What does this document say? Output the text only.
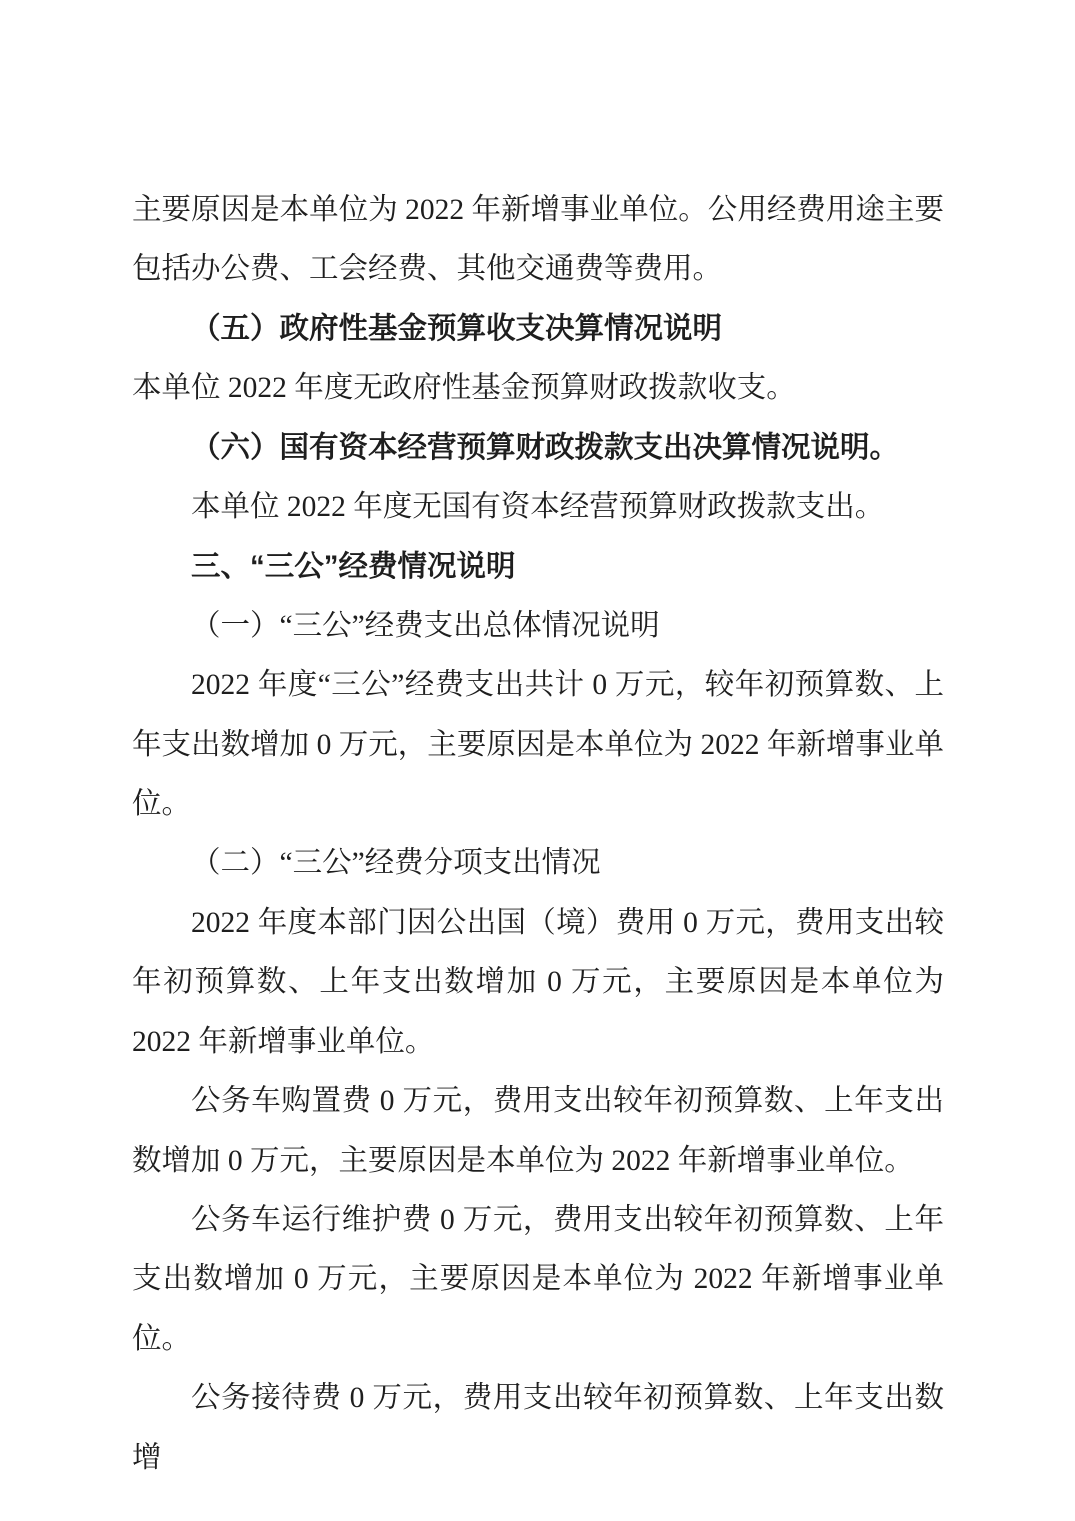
主要原因是本单位为 2022 年新增事业单位。公用经费用途主要包括办公费、工会经费、其他交通费等费用。

（五）政府性基金预算收支决算情况说明

本单位 2022 年度无政府性基金预算财政拨款收支。

（六）国有资本经营预算财政拨款支出决算情况说明。

本单位 2022 年度无国有资本经营预算财政拨款支出。

三、“三公”经费情况说明

（一）“三公”经费支出总体情况说明

2022 年度“三公”经费支出共计 0 万元，较年初预算数、上年支出数增加 0 万元，主要原因是本单位为 2022 年新增事业单位。

（二）“三公”经费分项支出情况

2022 年度本部门因公出国（境）费用 0 万元，费用支出较年初预算数、上年支出数增加 0 万元，主要原因是本单位为 2022 年新增事业单位。

公务车购置费 0 万元，费用支出较年初预算数、上年支出数增加 0 万元，主要原因是本单位为 2022 年新增事业单位。

公务车运行维护费 0 万元，费用支出较年初预算数、上年支出数增加 0 万元，主要原因是本单位为 2022 年新增事业单位。

公务接待费 0 万元，费用支出较年初预算数、上年支出数增
